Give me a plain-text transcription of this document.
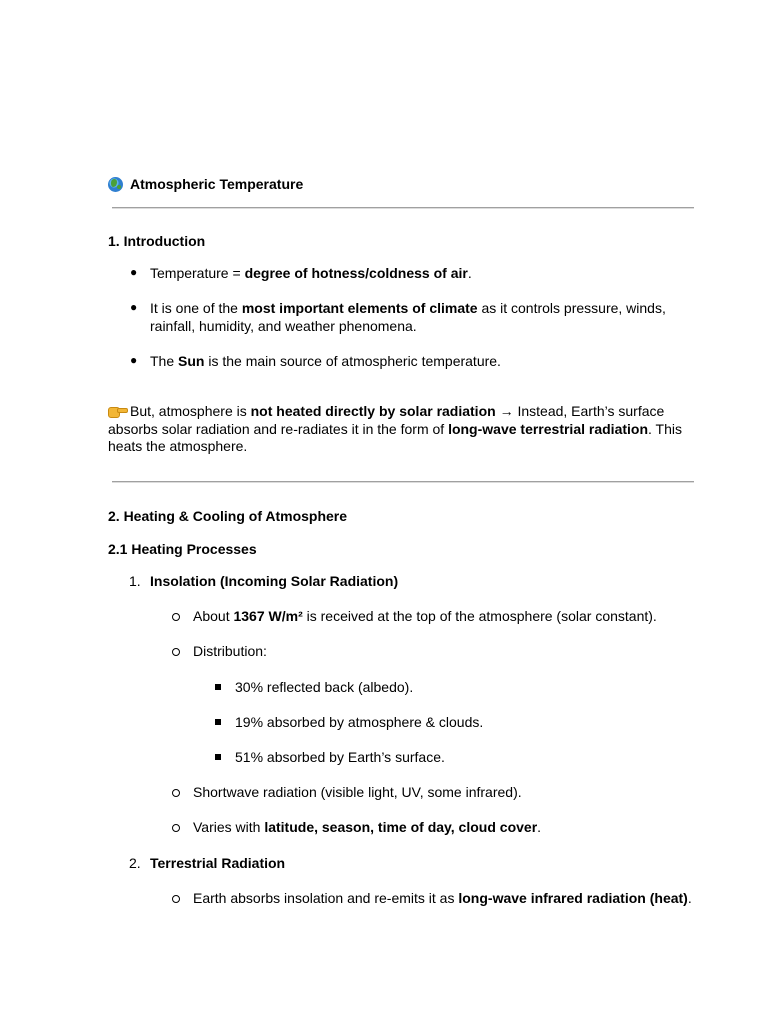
Atmospheric Temperature
1. Introduction
● Temperature = degree of hotness/coldness of air.
● It is one of the most important elements of climate as it controls pressure, winds,
rainfall, humidity, and weather phenomena.
● The Sun is the main source of atmospheric temperature.
But, atmosphere is not heated directly by solar radiation → Instead, Earth’s surface
absorbs solar radiation and re-radiates it in the form of long-wave terrestrial radiation. This
heats the atmosphere.
2. Heating & Cooling of Atmosphere
2.1 Heating Processes
1. Insolation (Incoming Solar Radiation)
About 1367 W/m² is received at the top of the atmosphere (solar constant).
Distribution:
30% reflected back (albedo).
19% absorbed by atmosphere & clouds.
51% absorbed by Earth’s surface.
Shortwave radiation (visible light, UV, some infrared).
Varies with latitude, season, time of day, cloud cover.
2. Terrestrial Radiation
Earth absorbs insolation and re-emits it as long-wave infrared radiation (heat).
